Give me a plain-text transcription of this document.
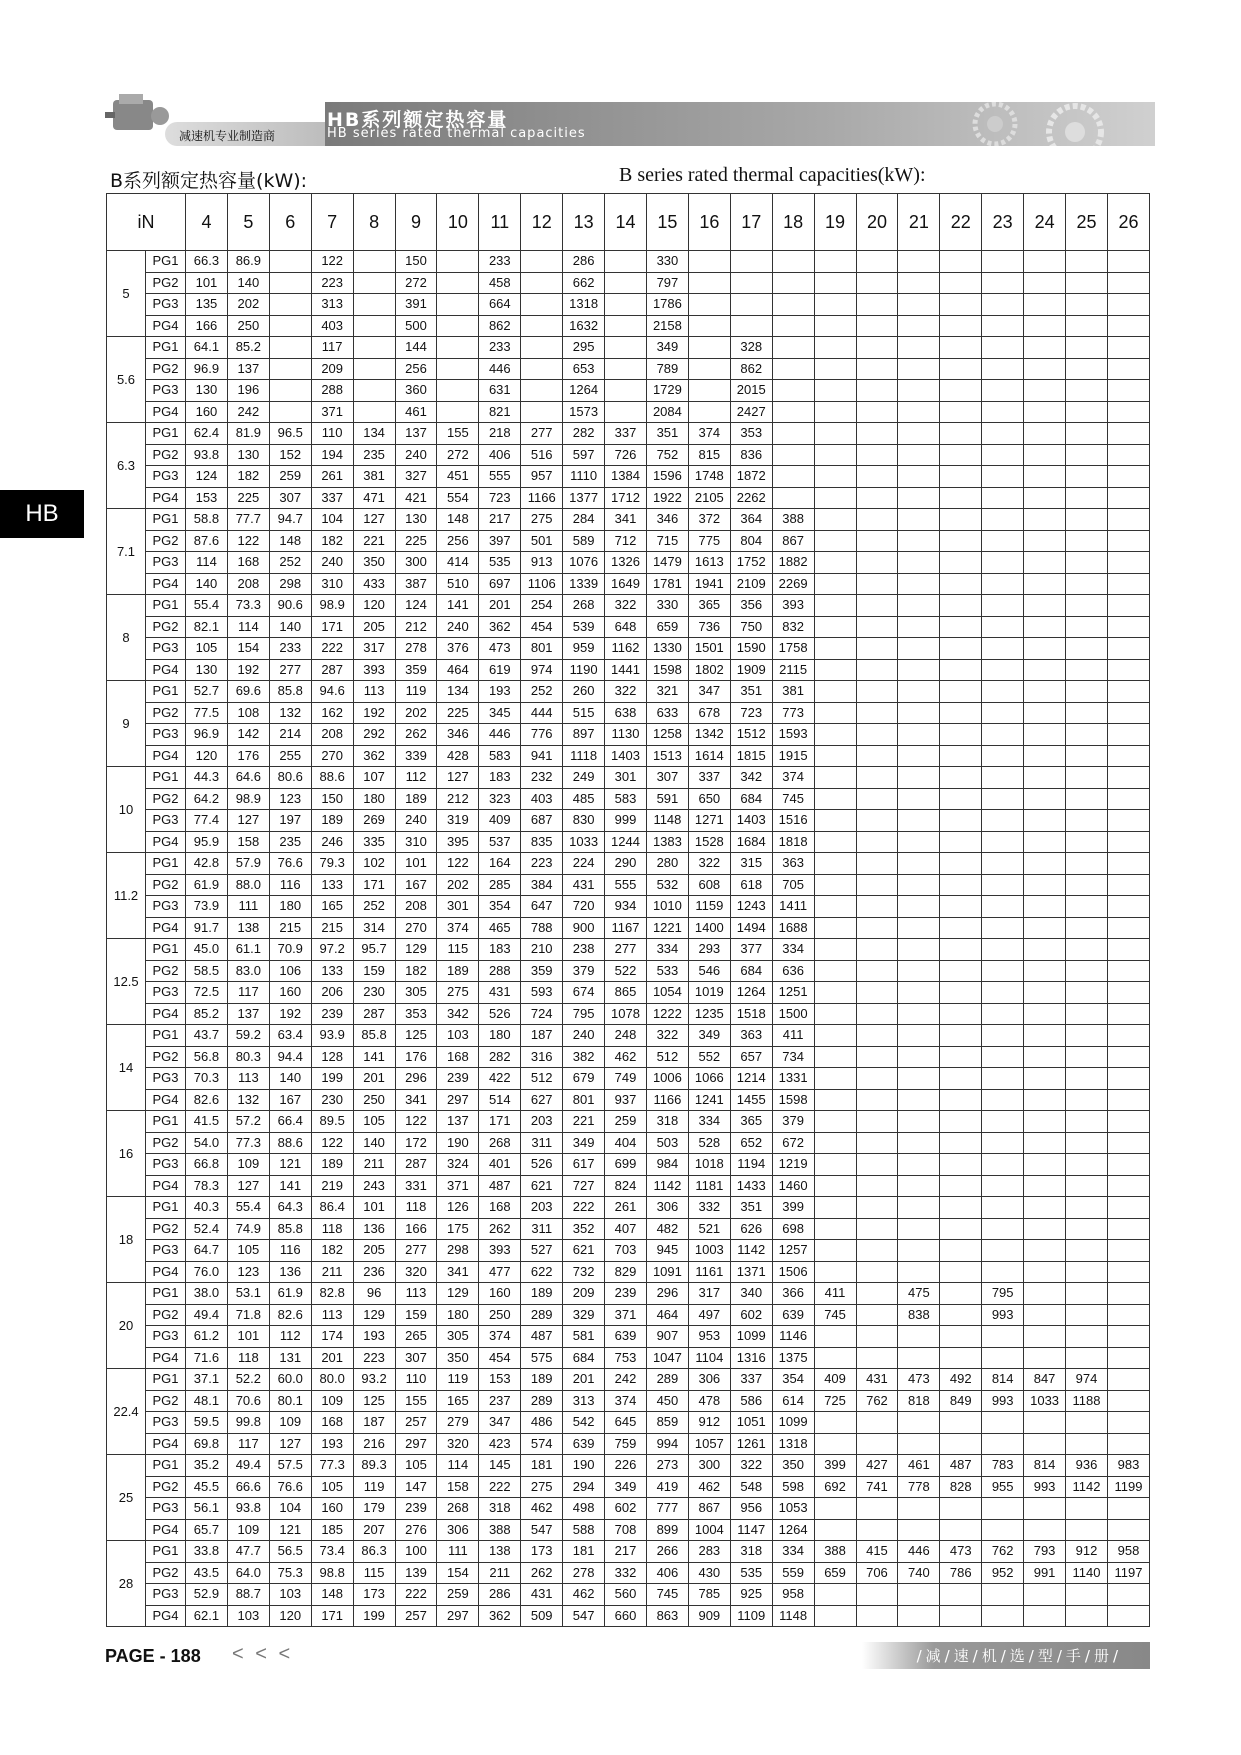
减速机专业制造商
HB系列额定热容量
HB series rated thermal capacities
B系列额定热容量(kW):	B series rated thermal capacities(kW):
HB
iN		4	5	6	7	8	9	10	11	12	13	14	15	16	17	18	19	20	21	22	23	24	25	26
5	PG1	66.3	86.9		122		150		233		286		330											
	PG2	101	140		223		272		458		662		797											
	PG3	135	202		313		391		664		1318		1786											
	PG4	166	250		403		500		862		1632		2158											
5.6	PG1	64.1	85.2		117		144		233		295		349		328									
	PG2	96.9	137		209		256		446		653		789		862									
	PG3	130	196		288		360		631		1264		1729		2015									
	PG4	160	242		371		461		821		1573		2084		2427									
6.3	PG1	62.4	81.9	96.5	110	134	137	155	218	277	282	337	351	374	353									
	PG2	93.8	130	152	194	235	240	272	406	516	597	726	752	815	836									
	PG3	124	182	259	261	381	327	451	555	957	1110	1384	1596	1748	1872									
	PG4	153	225	307	337	471	421	554	723	1166	1377	1712	1922	2105	2262									
7.1	PG1	58.8	77.7	94.7	104	127	130	148	217	275	284	341	346	372	364	388								
	PG2	87.6	122	148	182	221	225	256	397	501	589	712	715	775	804	867								
	PG3	114	168	252	240	350	300	414	535	913	1076	1326	1479	1613	1752	1882								
	PG4	140	208	298	310	433	387	510	697	1106	1339	1649	1781	1941	2109	2269								
8	PG1	55.4	73.3	90.6	98.9	120	124	141	201	254	268	322	330	365	356	393								
	PG2	82.1	114	140	171	205	212	240	362	454	539	648	659	736	750	832								
	PG3	105	154	233	222	317	278	376	473	801	959	1162	1330	1501	1590	1758								
	PG4	130	192	277	287	393	359	464	619	974	1190	1441	1598	1802	1909	2115								
9	PG1	52.7	69.6	85.8	94.6	113	119	134	193	252	260	322	321	347	351	381								
	PG2	77.5	108	132	162	192	202	225	345	444	515	638	633	678	723	773								
	PG3	96.9	142	214	208	292	262	346	446	776	897	1130	1258	1342	1512	1593								
	PG4	120	176	255	270	362	339	428	583	941	1118	1403	1513	1614	1815	1915								
10	PG1	44.3	64.6	80.6	88.6	107	112	127	183	232	249	301	307	337	342	374								
	PG2	64.2	98.9	123	150	180	189	212	323	403	485	583	591	650	684	745								
	PG3	77.4	127	197	189	269	240	319	409	687	830	999	1148	1271	1403	1516								
	PG4	95.9	158	235	246	335	310	395	537	835	1033	1244	1383	1528	1684	1818								
11.2	PG1	42.8	57.9	76.6	79.3	102	101	122	164	223	224	290	280	322	315	363								
	PG2	61.9	88.0	116	133	171	167	202	285	384	431	555	532	608	618	705								
	PG3	73.9	111	180	165	252	208	301	354	647	720	934	1010	1159	1243	1411								
	PG4	91.7	138	215	215	314	270	374	465	788	900	1167	1221	1400	1494	1688								
12.5	PG1	45.0	61.1	70.9	97.2	95.7	129	115	183	210	238	277	334	293	377	334								
	PG2	58.5	83.0	106	133	159	182	189	288	359	379	522	533	546	684	636								
	PG3	72.5	117	160	206	230	305	275	431	593	674	865	1054	1019	1264	1251								
	PG4	85.2	137	192	239	287	353	342	526	724	795	1078	1222	1235	1518	1500								
14	PG1	43.7	59.2	63.4	93.9	85.8	125	103	180	187	240	248	322	349	363	411								
	PG2	56.8	80.3	94.4	128	141	176	168	282	316	382	462	512	552	657	734								
	PG3	70.3	113	140	199	201	296	239	422	512	679	749	1006	1066	1214	1331								
	PG4	82.6	132	167	230	250	341	297	514	627	801	937	1166	1241	1455	1598								
16	PG1	41.5	57.2	66.4	89.5	105	122	137	171	203	221	259	318	334	365	379								
	PG2	54.0	77.3	88.6	122	140	172	190	268	311	349	404	503	528	652	672								
	PG3	66.8	109	121	189	211	287	324	401	526	617	699	984	1018	1194	1219								
	PG4	78.3	127	141	219	243	331	371	487	621	727	824	1142	1181	1433	1460								
18	PG1	40.3	55.4	64.3	86.4	101	118	126	168	203	222	261	306	332	351	399								
	PG2	52.4	74.9	85.8	118	136	166	175	262	311	352	407	482	521	626	698								
	PG3	64.7	105	116	182	205	277	298	393	527	621	703	945	1003	1142	1257								
	PG4	76.0	123	136	211	236	320	341	477	622	732	829	1091	1161	1371	1506								
20	PG1	38.0	53.1	61.9	82.8	96	113	129	160	189	209	239	296	317	340	366	411		475		795			
	PG2	49.4	71.8	82.6	113	129	159	180	250	289	329	371	464	497	602	639	745		838		993			
	PG3	61.2	101	112	174	193	265	305	374	487	581	639	907	953	1099	1146								
	PG4	71.6	118	131	201	223	307	350	454	575	684	753	1047	1104	1316	1375								
22.4	PG1	37.1	52.2	60.0	80.0	93.2	110	119	153	189	201	242	289	306	337	354	409	431	473	492	814	847	974	
	PG2	48.1	70.6	80.1	109	125	155	165	237	289	313	374	450	478	586	614	725	762	818	849	993	1033	1188	
	PG3	59.5	99.8	109	168	187	257	279	347	486	542	645	859	912	1051	1099								
	PG4	69.8	117	127	193	216	297	320	423	574	639	759	994	1057	1261	1318								
25	PG1	35.2	49.4	57.5	77.3	89.3	105	114	145	181	190	226	273	300	322	350	399	427	461	487	783	814	936	983
	PG2	45.5	66.6	76.6	105	119	147	158	222	275	294	349	419	462	548	598	692	741	778	828	955	993	1142	1199
	PG3	56.1	93.8	104	160	179	239	268	318	462	498	602	777	867	956	1053								
	PG4	65.7	109	121	185	207	276	306	388	547	588	708	899	1004	1147	1264								
28	PG1	33.8	47.7	56.5	73.4	86.3	100	111	138	173	181	217	266	283	318	334	388	415	446	473	762	793	912	958
	PG2	43.5	64.0	75.3	98.8	115	139	154	211	262	278	332	406	430	535	559	659	706	740	786	952	991	1140	1197
	PG3	52.9	88.7	103	148	173	222	259	286	431	462	560	745	785	925	958								
	PG4	62.1	103	120	171	199	257	297	362	509	547	660	863	909	1109	1148								
PAGE - 188 < < <	/减/速/机/选/型/手/册/
